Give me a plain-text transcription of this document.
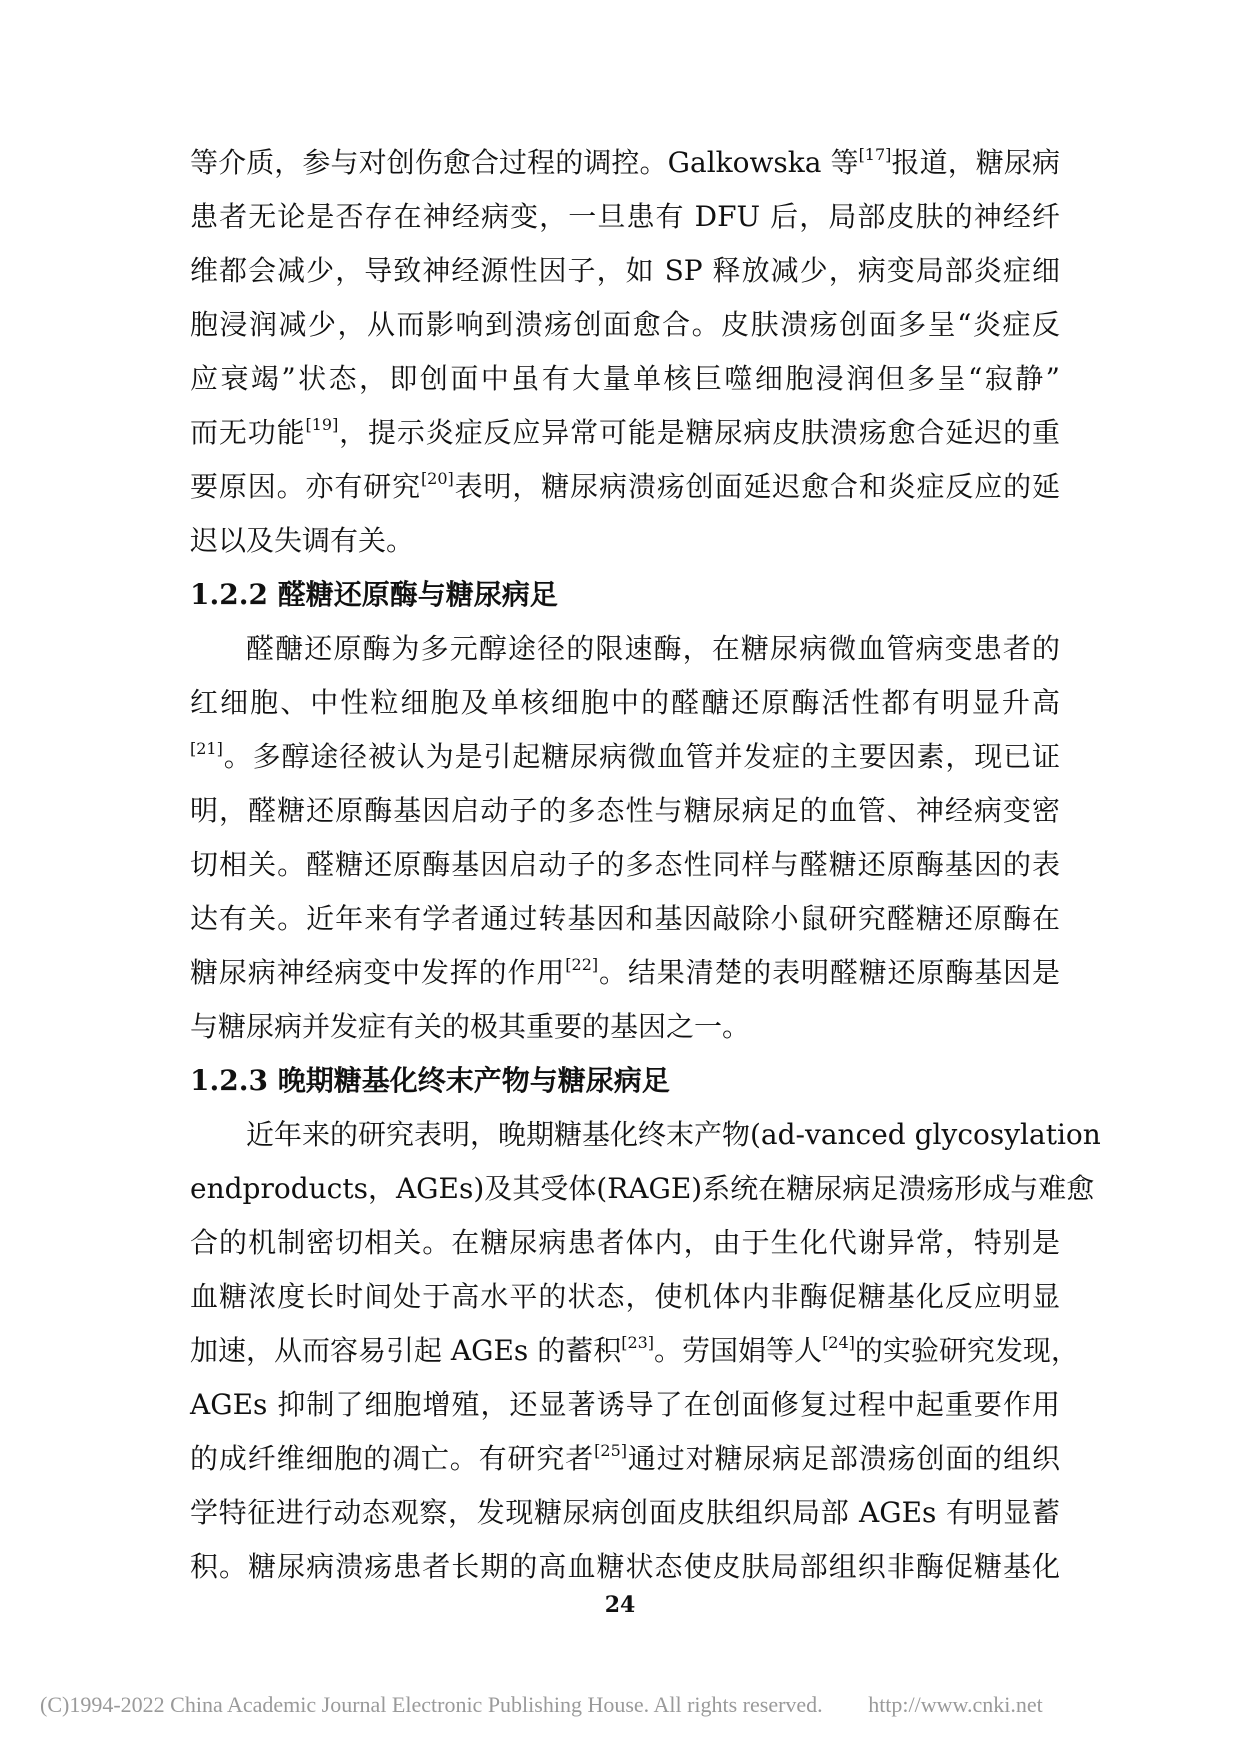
等介质，参与对创伤愈合过程的调控。Galkowska 等[17]报道，糖尿病
患者无论是否存在神经病变，一旦患有 DFU 后，局部皮肤的神经纤
维都会减少，导致神经源性因子，如 SP 释放减少，病变局部炎症细
胞浸润减少，从而影响到溃疡创面愈合。皮肤溃疡创面多呈“炎症反
应衰竭”状态，即创面中虽有大量单核巨噬细胞浸润但多呈“寂静”
而无功能[19]，提示炎症反应异常可能是糖尿病皮肤溃疡愈合延迟的重
要原因。亦有研究[20]表明，糖尿病溃疡创面延迟愈合和炎症反应的延
迟以及失调有关。
1.2.2 醛糖还原酶与糖尿病足
醛醣还原酶为多元醇途径的限速酶，在糖尿病微血管病变患者的
红细胞、中性粒细胞及单核细胞中的醛醣还原酶活性都有明显升高
[21]。多醇途径被认为是引起糖尿病微血管并发症的主要因素，现已证
明，醛糖还原酶基因启动子的多态性与糖尿病足的血管、神经病变密
切相关。醛糖还原酶基因启动子的多态性同样与醛糖还原酶基因的表
达有关。近年来有学者通过转基因和基因敲除小鼠研究醛糖还原酶在
糖尿病神经病变中发挥的作用[22]。结果清楚的表明醛糖还原酶基因是
与糖尿病并发症有关的极其重要的基因之一。
1.2.3 晚期糖基化终末产物与糖尿病足
近年来的研究表明，晚期糖基化终末产物(ad-vanced glycosylation
endproducts，AGEs)及其受体(RAGE)系统在糖尿病足溃疡形成与难愈
合的机制密切相关。在糖尿病患者体内，由于生化代谢异常，特别是
血糖浓度长时间处于高水平的状态，使机体内非酶促糖基化反应明显
加速，从而容易引起 AGEs 的蓄积[23]。劳国娟等人[24]的实验研究发现，
AGEs 抑制了细胞增殖，还显著诱导了在创面修复过程中起重要作用
的成纤维细胞的凋亡。有研究者[25]通过对糖尿病足部溃疡创面的组织
学特征进行动态观察，发现糖尿病创面皮肤组织局部 AGEs 有明显蓄
积。糖尿病溃疡患者长期的高血糖状态使皮肤局部组织非酶促糖基化
24
(C)1994-2022 China Academic Journal Electronic Publishing House. All rights reserved. http://www.cnki.net
